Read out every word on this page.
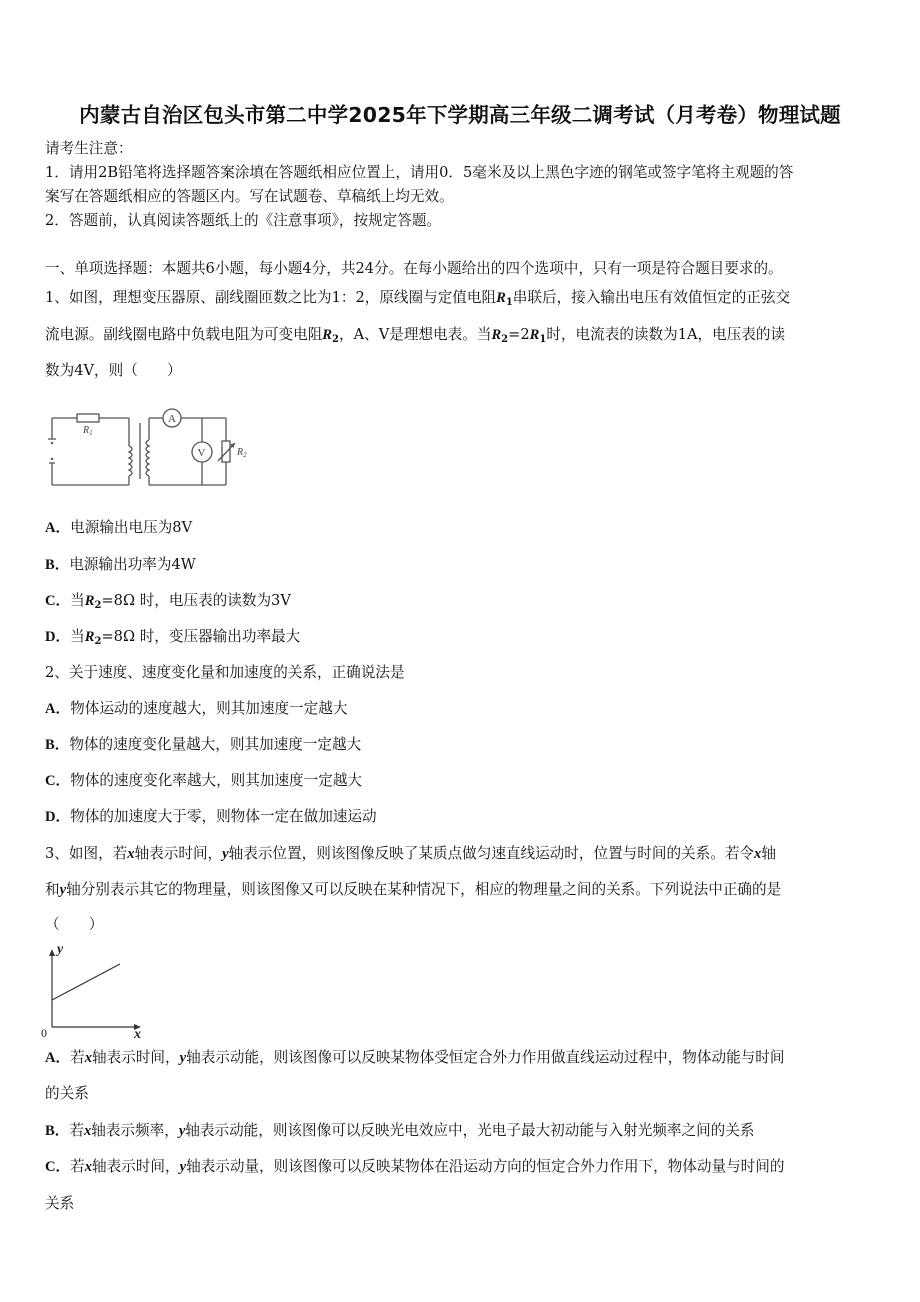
内蒙古自治区包头市第二中学2025年下学期高三年级二调考试（月考卷）物理试题
请考生注意：
1．请用2B铅笔将选择题答案涂填在答题纸相应位置上，请用0．5毫米及以上黑色字迹的钢笔或签字笔将主观题的答
案写在答题纸相应的答题区内。写在试题卷、草稿纸上均无效。
2．答题前，认真阅读答题纸上的《注意事项》，按规定答题。
一、单项选择题：本题共6小题，每小题4分，共24分。在每小题给出的四个选项中，只有一项是符合题目要求的。
1、如图，理想变压器原、副线圈匝数之比为1：2，原线圈与定值电阻$R_1$串联后，接入输出电压有效值恒定的正弦交
流电源。副线圈电路中负载电阻为可变电阻$R_2$，A、V是理想电表。当$R_2=2R_1$时，电流表的读数为1A，电压表的读
数为4V，则（　　）
A
V
$R_1$
$R_2$
A．电源输出电压为8V
B．电源输出功率为4W
C．当$R_2=8\Omega$ 时，电压表的读数为3V
D．当$R_2=8\Omega$ 时，变压器输出功率最大
2、关于速度、速度变化量和加速度的关系，正确说法是
A．物体运动的速度越大，则其加速度一定越大
B．物体的速度变化量越大，则其加速度一定越大
C．物体的速度变化率越大，则其加速度一定越大
D．物体的加速度大于零，则物体一定在做加速运动
3、如图，若x轴表示时间，y轴表示位置，则该图像反映了某质点做匀速直线运动时，位置与时间的关系。若令x轴
和y轴分别表示其它的物理量，则该图像又可以反映在某种情况下，相应的物理量之间的关系。下列说法中正确的是
（　　）
y
x
0
A．若x轴表示时间，y轴表示动能，则该图像可以反映某物体受恒定合外力作用做直线运动过程中，物体动能与时间
的关系
B．若x轴表示频率，y轴表示动能，则该图像可以反映光电效应中，光电子最大初动能与入射光频率之间的关系
C．若x轴表示时间，y轴表示动量，则该图像可以反映某物体在沿运动方向的恒定合外力作用下，物体动量与时间的
关系
